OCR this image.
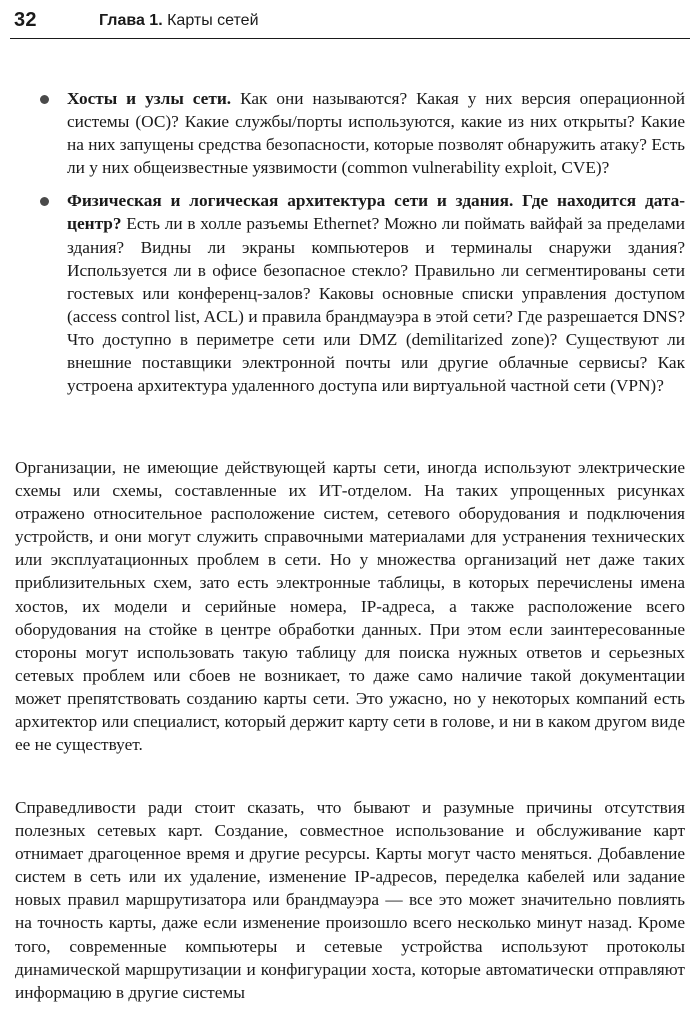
32	Глава 1. Карты сетей
Хосты и узлы сети. Как они называются? Какая у них версия операционной системы (ОС)? Какие службы/порты используются, какие из них открыты? Какие на них запущены средства безопасности, которые позволят обнаружить атаку? Есть ли у них общеизвестные уязвимости (common vulnerability exploit, CVE)?
Физическая и логическая архитектура сети и здания. Где находится дата-центр? Есть ли в холле разъемы Ethernet? Можно ли поймать вайфай за пределами здания? Видны ли экраны компьютеров и терминалы снаружи здания? Используется ли в офисе безопасное стекло? Правильно ли сегментированы сети гостевых или конференц-залов? Каковы основные списки управления доступом (access control list, ACL) и правила брандмауэра в этой сети? Где разрешается DNS? Что доступно в периметре сети или DMZ (demilitarized zone)? Существуют ли внешние поставщики электронной почты или другие облачные сервисы? Как устроена архитектура удаленного доступа или виртуальной частной сети (VPN)?

Организации, не имеющие действующей карты сети, иногда используют электрические схемы или схемы, составленные их ИТ-отделом. На таких упрощенных рисунках отражено относительное расположение систем, сетевого оборудования и подключения устройств, и они могут служить справочными материалами для устранения технических или эксплуатационных проблем в сети. Но у множества организаций нет даже таких приблизительных схем, зато есть электронные таблицы, в которых перечислены имена хостов, их модели и серийные номера, IP-адреса, а также расположение всего оборудования на стойке в центре обработки данных. При этом если заинтересованные стороны могут использовать такую таблицу для поиска нужных ответов и серьезных сетевых проблем или сбоев не возникает, то даже само наличие такой документации может препятствовать созданию карты сети. Это ужасно, но у некоторых компаний есть архитектор или специалист, который держит карту сети в голове, и ни в каком другом виде ее не существует.

Справедливости ради стоит сказать, что бывают и разумные причины отсутствия полезных сетевых карт. Создание, совместное использование и обслуживание карт отнимает драгоценное время и другие ресурсы. Карты могут часто меняться. Добавление систем в сеть или их удаление, изменение IP-адресов, переделка кабелей или задание новых правил маршрутизатора или брандмауэра — все это может значительно повлиять на точность карты, даже если изменение произошло всего несколько минут назад. Кроме того, современные компьютеры и сетевые устройства используют протоколы динамической маршрутизации и конфигурации хоста, которые автоматически отправляют информацию в другие системы
